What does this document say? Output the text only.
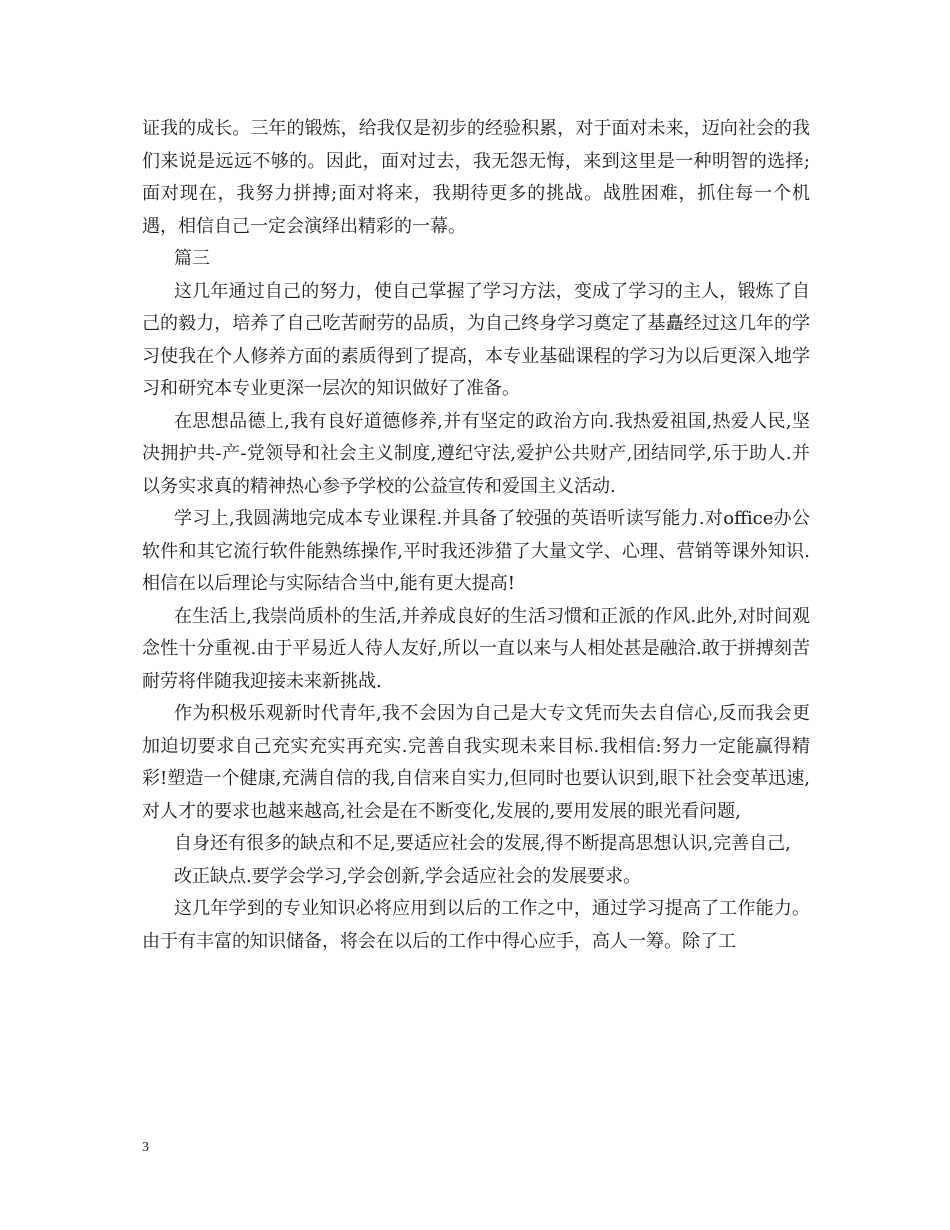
证我的成长。三年的锻炼，给我仅是初步的经验积累，对于面对未来，迈向社会的我们来说是远远不够的。因此，面对过去，我无怨无悔，来到这里是一种明智的选择;面对现在，我努力拼搏;面对将来，我期待更多的挑战。战胜困难，抓住每一个机遇，相信自己一定会演绎出精彩的一幕。

篇三

这几年通过自己的努力，使自己掌握了学习方法，变成了学习的主人，锻炼了自己的毅力，培养了自己吃苦耐劳的品质，为自己终身学习奠定了基矗经过这几年的学习使我在个人修养方面的素质得到了提高，本专业基础课程的学习为以后更深入地学习和研究本专业更深一层次的知识做好了准备。

在思想品德上,我有良好道德修养,并有坚定的政治方向.我热爱祖国,热爱人民,坚决拥护共-产-党领导和社会主义制度,遵纪守法,爱护公共财产,团结同学,乐于助人.并以务实求真的精神热心参予学校的公益宣传和爱国主义活动.

学习上,我圆满地完成本专业课程.并具备了较强的英语听读写能力.对office办公软件和其它流行软件能熟练操作,平时我还涉猎了大量文学、心理、营销等课外知识.相信在以后理论与实际结合当中,能有更大提高!

在生活上,我崇尚质朴的生活,并养成良好的生活习惯和正派的作风.此外,对时间观念性十分重视.由于平易近人待人友好,所以一直以来与人相处甚是融洽.敢于拼搏刻苦耐劳将伴随我迎接未来新挑战.

作为积极乐观新时代青年,我不会因为自己是大专文凭而失去自信心,反而我会更加迫切要求自己充实充实再充实.完善自我实现未来目标.我相信:努力一定能赢得精彩!塑造一个健康,充满自信的我,自信来自实力,但同时也要认识到,眼下社会变革迅速,对人才的要求也越来越高,社会是在不断变化,发展的,要用发展的眼光看问题,

自身还有很多的缺点和不足,要适应社会的发展,得不断提高思想认识,完善自己,

改正缺点.要学会学习,学会创新,学会适应社会的发展要求。

这几年学到的专业知识必将应用到以后的工作之中，通过学习提高了工作能力。由于有丰富的知识储备，将会在以后的工作中得心应手，高人一筹。除了工

3
